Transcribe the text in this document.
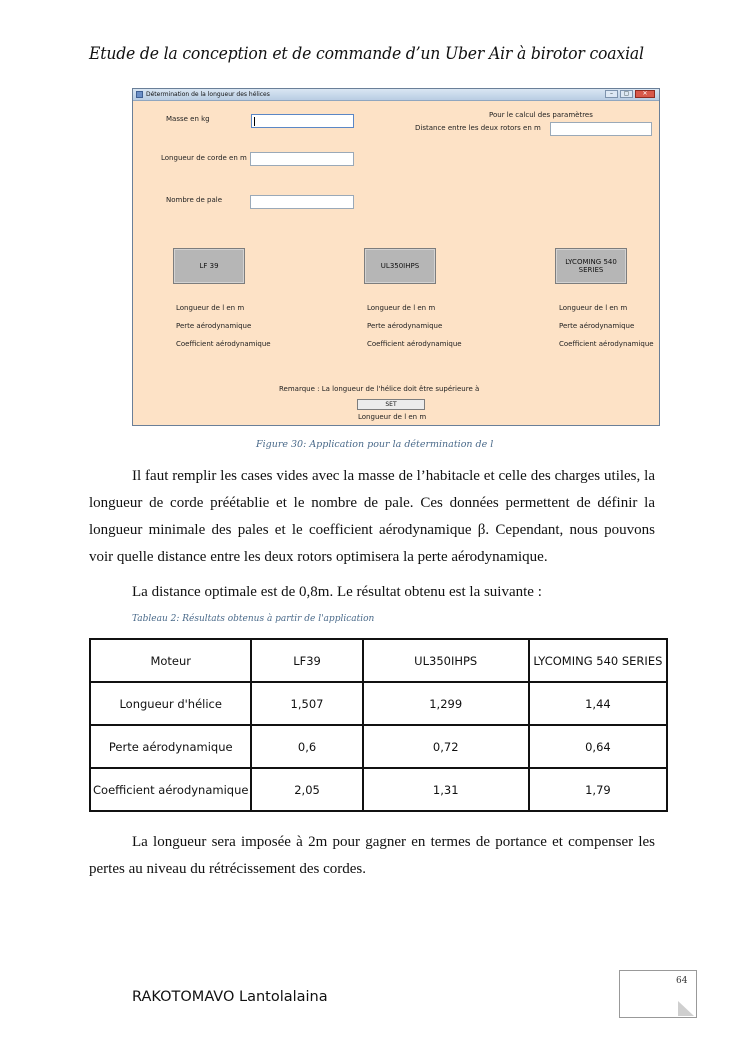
Etude de la conception et de commande d’un Uber Air à birotor coaxial
Détermination de la longueur des hélices	–	▢	✕
Masse en kg
Longueur de corde en m
Nombre de pale
Pour le calcul des paramètres
Distance entre les deux rotors en m
LF 39
Longueur de l en m
Perte aérodynamique
Coefficient aérodynamique
UL350IHPS
Longueur de l en m
Perte aérodynamique
Coefficient aérodynamique
LYCOMING 540 SERIES
Longueur de l en m
Perte aérodynamique
Coefficient aérodynamique
Remarque : La longueur de l'hélice doit être supérieure à
SET
Longueur de l en m
Figure 30: Application pour la détermination de l
Il faut remplir les cases vides avec la masse de l’habitacle et celle des charges utiles, la longueur de corde préétablie et le nombre de pale. Ces données permettent de définir la longueur minimale des pales et le coefficient aérodynamique β. Cependant, nous pouvons voir quelle distance entre les deux rotors optimisera la perte aérodynamique.
La distance optimale est de 0,8m. Le résultat obtenu est la suivante :
Tableau 2: Résultats obtenus à partir de l'application
Moteur	LF39	UL350IHPS	LYCOMING 540 SERIES
Longueur d'hélice	1,507	1,299	1,44
Perte aérodynamique	0,6	0,72	0,64
Coefficient aérodynamique	2,05	1,31	1,79
La longueur sera imposée à 2m pour gagner en termes de portance et compenser les pertes au niveau du rétrécissement des cordes.
64
RAKOTOMAVO Lantolalaina
